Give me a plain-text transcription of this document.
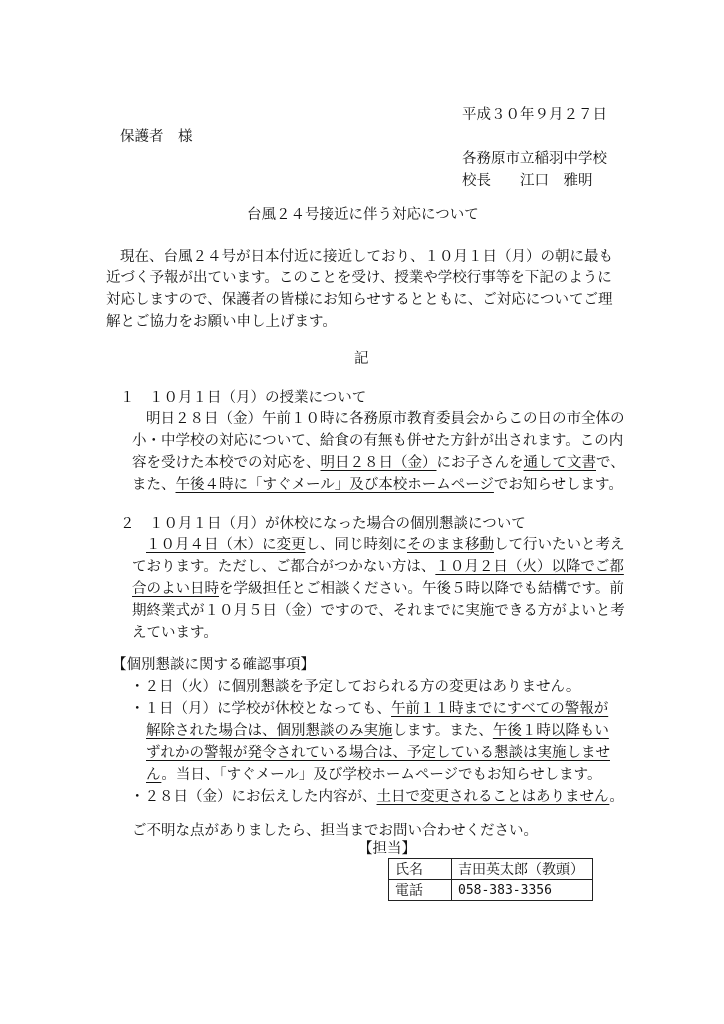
平成３０年９月２７日
保護者　様
各務原市立稲羽中学校
校長　　江口　雅明
台風２４号接近に伴う対応について
現在、台風２４号が日本付近に接近しており、１０月１日（月）の朝に最も
近づく予報が出ています。このことを受け、授業や学校行事等を下記のように
対応しますので、保護者の皆様にお知らせするとともに、ご対応についてご理
解とご協力をお願い申し上げます。
記
１　１０月１日（月）の授業について
明日２８日（金）午前１０時に各務原市教育委員会からこの日の市全体の
小・中学校の対応について、給食の有無も併せた方針が出されます。この内
容を受けた本校での対応を、明日２８日（金）にお子さんを通して文書で、
また、午後４時に「すぐメール」及び本校ホームページでお知らせします。
２　１０月１日（月）が休校になった場合の個別懇談について
１０月４日（木）に変更し、同じ時刻にそのまま移動して行いたいと考え
ております。ただし、ご都合がつかない方は、１０月２日（火）以降でご都
合のよい日時を学級担任とご相談ください。午後５時以降でも結構です。前
期終業式が１０月５日（金）ですので、それまでに実施できる方がよいと考
えています。
【個別懇談に関する確認事項】
・２日（火）に個別懇談を予定しておられる方の変更はありません。
・１日（月）に学校が休校となっても、午前１１時までにすべての警報が
解除された場合は、個別懇談のみ実施します。また、午後１時以降もい
ずれかの警報が発令されている場合は、予定している懇談は実施しませ
ん。当日、「すぐメール」及び学校ホームページでもお知らせします。
・２８日（金）にお伝えした内容が、土日で変更されることはありません。
ご不明な点がありましたら、担当までお問い合わせください。
【担当】
氏名	吉田英太郎（教頭）
電話	058-383-3356
